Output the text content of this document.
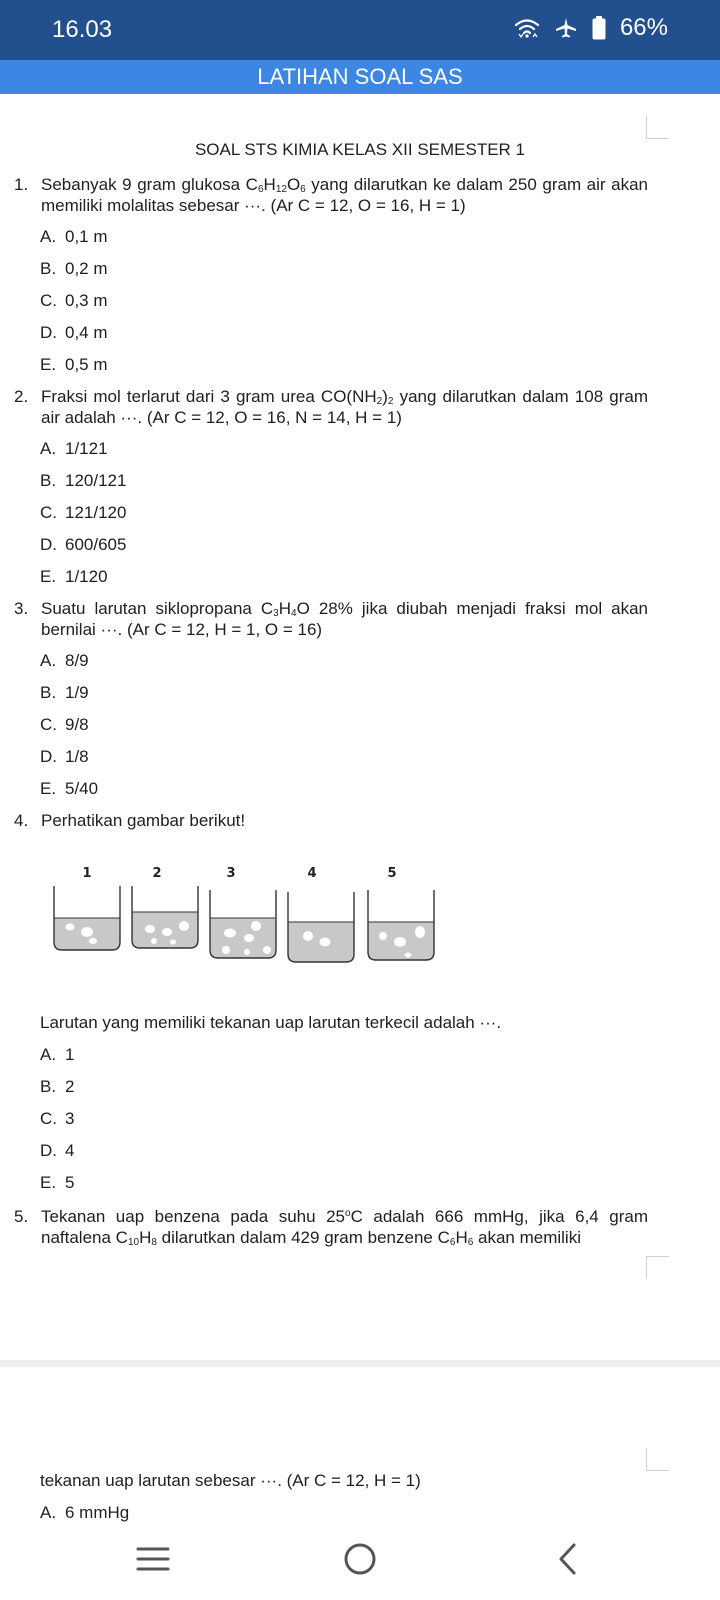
16.03	66%
LATIHAN SOAL SAS
SOAL STS KIMIA KELAS XII SEMESTER 1
1. Sebanyak 9 gram glukosa $C_6H_{12}O_6$ yang dilarutkan ke dalam 250 gram air akan memiliki molalitas sebesar ···. (Ar C = 12, O = 16, H = 1)
A. 0,1 m
B. 0,2 m
C. 0,3 m
D. 0,4 m
E. 0,5 m
2. Fraksi mol terlarut dari 3 gram urea $CO(NH_2)_2$ yang dilarutkan dalam 108 gram air adalah ···. (Ar C = 12, O = 16, N = 14, H = 1)
A. 1/121
B. 120/121
C. 121/120
D. 600/605
E. 1/120
3. Suatu larutan siklopropana $C_3H_4O$ 28% jika diubah menjadi fraksi mol akan bernilai ···. (Ar C = 12, H = 1, O = 16)
A. 8/9
B. 1/9
C. 9/8
D. 1/8
E. 5/40
4. Perhatikan gambar berikut!
1	2	3	4	5
Larutan yang memiliki tekanan uap larutan terkecil adalah ···.
A. 1
B. 2
C. 3
D. 4
E. 5
5. Tekanan uap benzena pada suhu 25$^o$C adalah 666 mmHg, jika 6,4 gram naftalena $C_{10}H_8$ dilarutkan dalam 429 gram benzene $C_6H_6$ akan memiliki
tekanan uap larutan sebesar ···. (Ar C = 12, H = 1)
A. 6 mmHg
